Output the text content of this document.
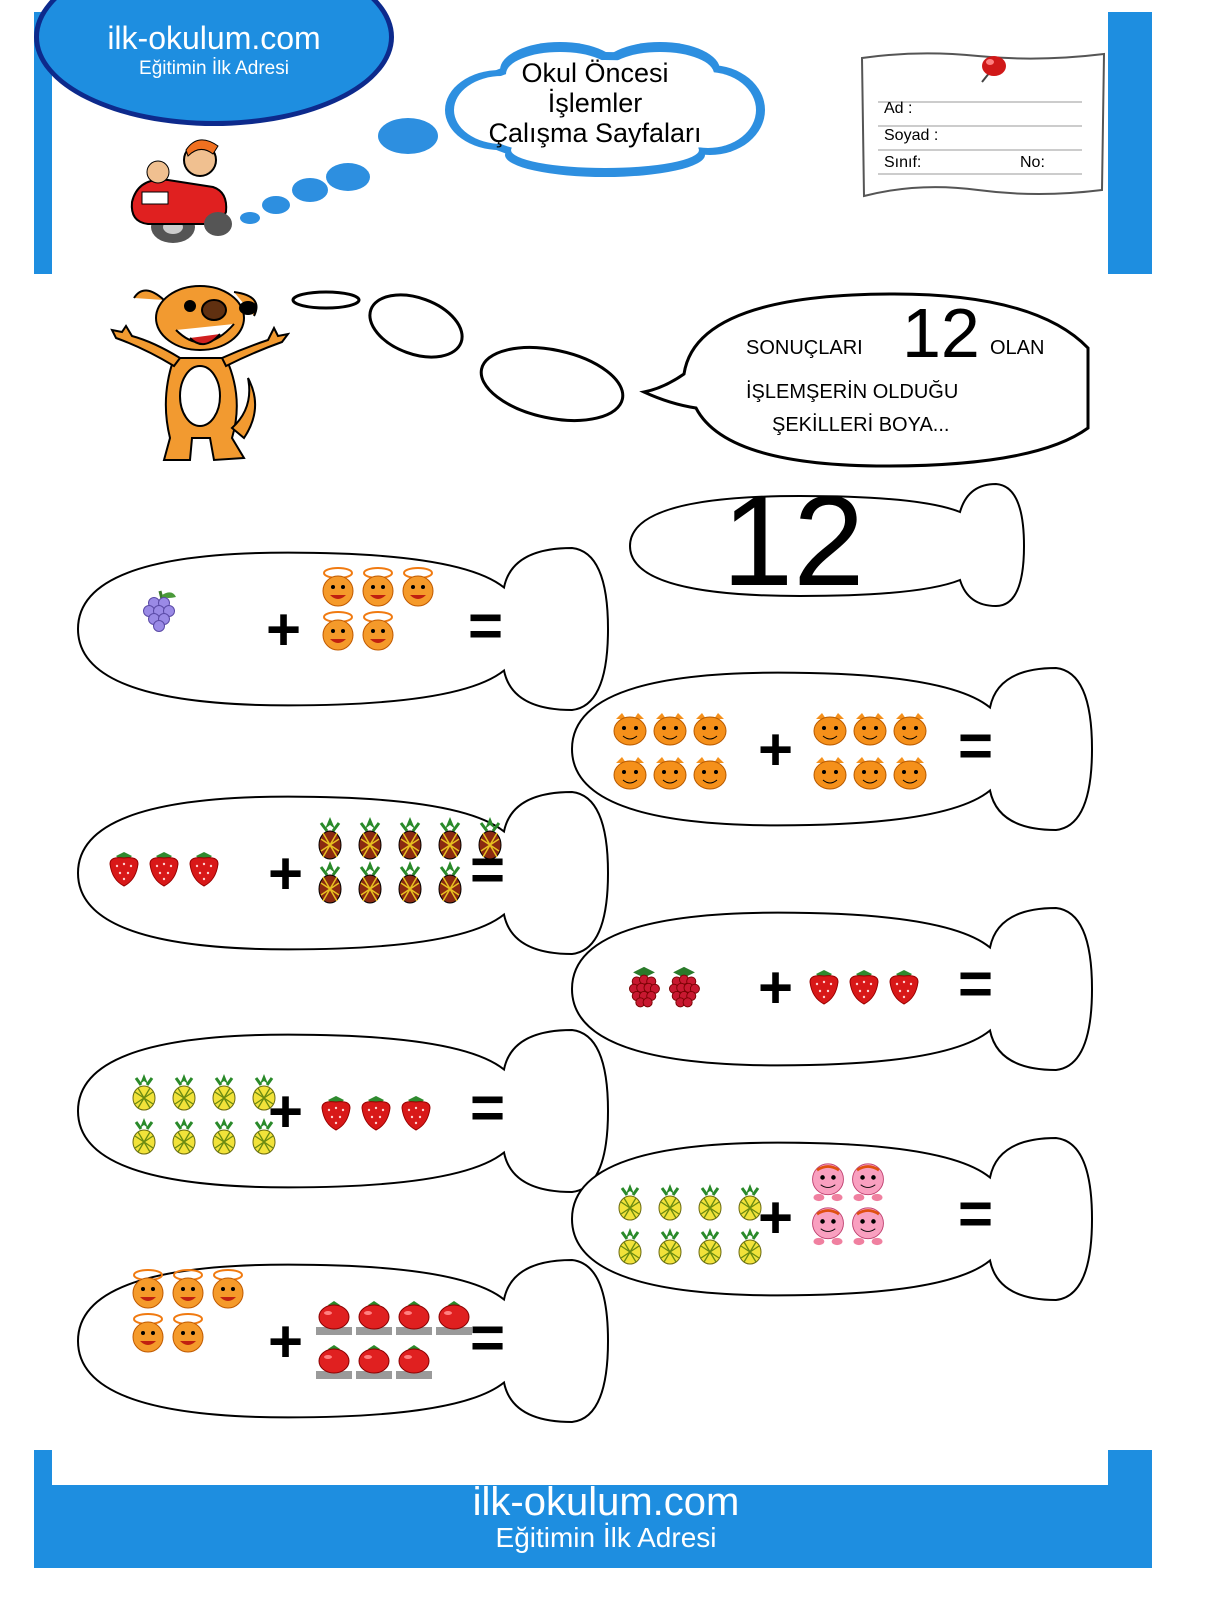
ilk-okulum.com
Eğitimin İlk Adresi	Okul Öncesi
İşlemler
Çalışma Sayfaları
Ad :
Soyad :
Sınıf:	No:
SONUÇLARI 12 OLAN
İŞLEMŞERİN OLDUĞU
ŞEKİLLERİ BOYA...
12
+	=
+	=
+	=
+	=
+	=
+	=
+	=
ilk-okulum.com
Eğitimin İlk Adresi
